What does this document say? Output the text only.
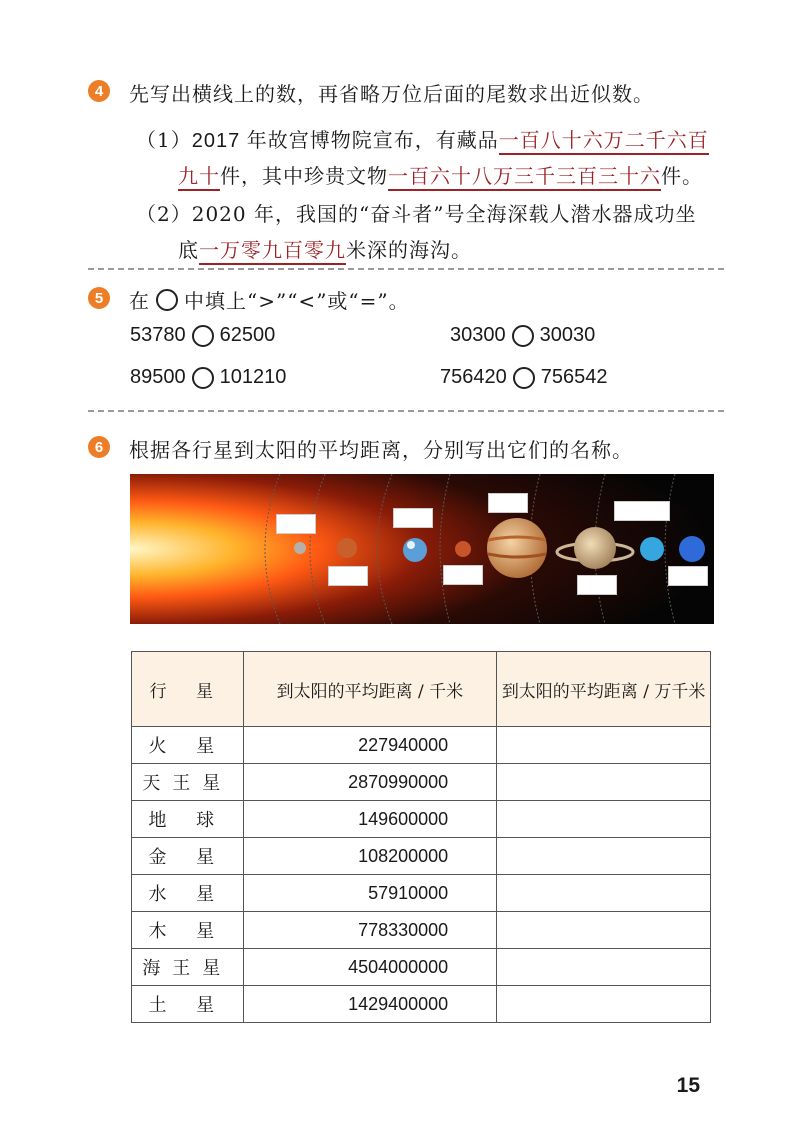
4	先写出横线上的数，再省略万位后面的尾数求出近似数。
（1）2017 年故宫博物院宣布，有藏品一百八十六万二千六百
九十件，其中珍贵文物一百六十八万三千三百三十六件。
（2）2020 年，我国的“奋斗者”号全海深载人潜水器成功坐
底一万零九百零九米深的海沟。
5	在 中填上“>”“<”或“=”。
53780 62500	30300 30030
89500 101210	756420 756542
6	根据各行星到太阳的平均距离，分别写出它们的名称。
行 星	到太阳的平均距离 / 千米	到太阳的平均距离 / 万千米
火 星	227940000	
天王星	2870990000	
地 球	149600000	
金 星	108200000	
水 星	57910000	
木 星	778330000	
海王星	4504000000	
土 星	1429400000	
15
